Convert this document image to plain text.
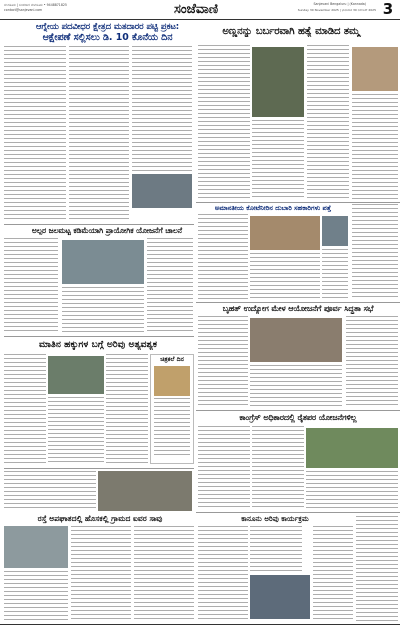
ಬೆಂಗಳೂರು | ಸಂಜೆವಾಣಿ ಬೆಂಗಳೂರು • 9448871825
contact@sanjevani.com	ಸಂಜೆವಾಣಿ	Sanjevani Bengaluru | (Kannada)
Sunday 30 November 2025 | ಭಾನುವಾರ 30 ನವೆಂಬರ್ 2025 3
ಆಗ್ನೇಯ ಪದವೀಧರ ಕ್ಷೇತ್ರದ ಮತದಾರರ ಪಟ್ಟಿ ಪ್ರಕಟ:
ಆಕ್ಷೇಪಣೆ ಸಲ್ಲಿಸಲು ಡಿ. 10 ಕೊನೆಯ ದಿನ
ಅಣ್ಣನನ್ನು ಬರ್ಬರವಾಗಿ ಹತ್ಯೆ ಮಾಡಿದ ತಮ್ಮ
ಅಲ್ಪರ ಜಲಮಟ್ಟ ಕಡಿಮೆಯಾಗಿ ಪ್ರಾಯೋಗಿಕ ಯೋಜನೆಗೆ ಚಾಲನೆ
ಅಮಾನತೀಯ ಕೋಟೆನೀರಿನ ದುಬಾರಿ ಸಹಕಾರಿಗಳು ಪತ್ತೆ
ಬೃಹತ್ ಉದ್ಯೋಗ ಮೇಳ ಆಯೋಜನೆಗೆ ಪೂರ್ವ ಸಿದ್ಧತಾ ಸಭೆ
ಮಾತಿನ ಹಕ್ಕುಗಳ ಬಗ್ಗೆ ಅರಿವು ಅತ್ಯವಶ್ಯಕ
ಚಿತ್ರಕಲೆ ದಿನ
ಕಾಂಗ್ರೆಸ್ ಅಧಿಕಾರದಲ್ಲಿ ರೈತಪರ ಯೋಜನೆಗಳಿಲ್ಲ
ಕಾನೂನು ಅರಿವು ಕಾರ್ಯಕ್ರಮ
ರಸ್ತೆ ಅಪಘಾತದಲ್ಲಿ ಹೊಸಕಲ್ಲಿ ಗ್ರಾಮದ ಐವರ ಸಾವು
